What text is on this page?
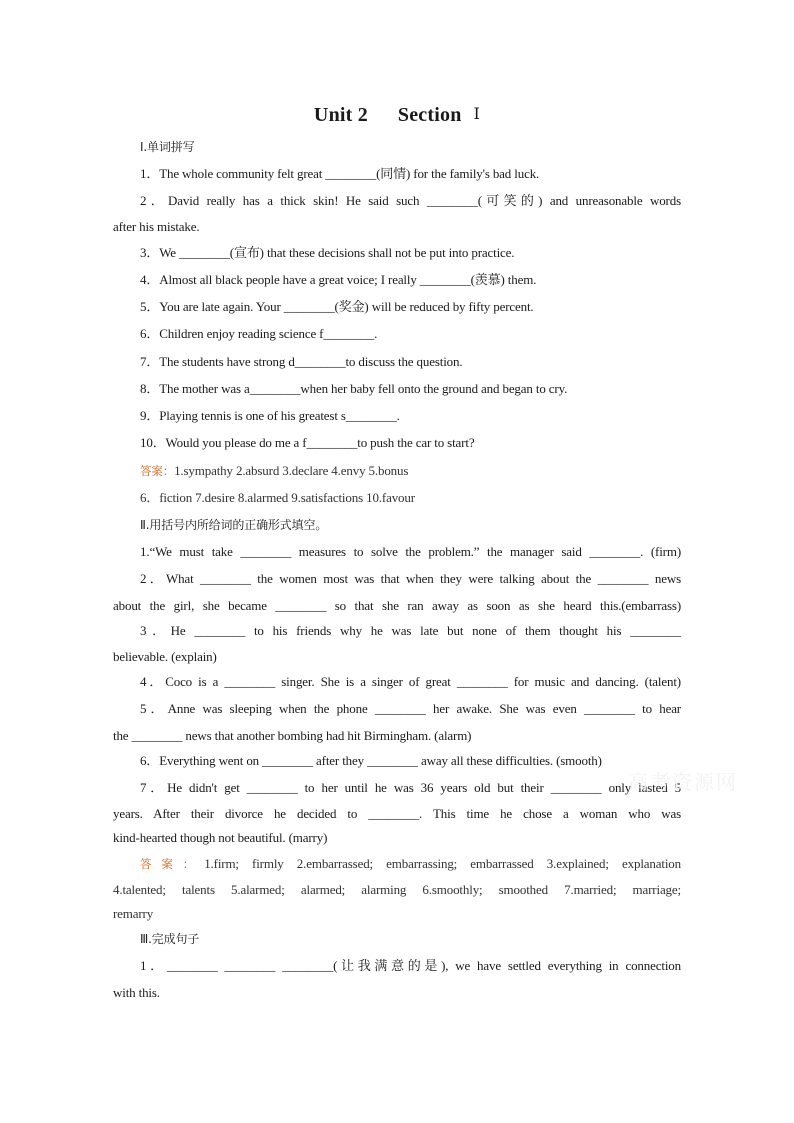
Unit 2 Section Ⅰ
Ⅰ.单词拼写
1．The whole community felt great ________(同情) for the family's bad luck.
2．David really has a thick skin! He said such ________(可笑的) and unreasonable words
after his mistake.
3．We ________(宣布) that these decisions shall not be put into practice.
4．Almost all black people have a great voice; I really ________(羡慕) them.
5．You are late again. Your ________(奖金) will be reduced by fifty percent.
6．Children enjoy reading science f________.
7．The students have strong d________to discuss the question.
8．The mother was a________when her baby fell onto the ground and began to cry.
9．Playing tennis is one of his greatest s________.
10．Would you please do me a f________to push the car to start?
答案：1.sympathy 2.absurd 3.declare 4.envy 5.bonus
6．fiction 7.desire 8.alarmed 9.satisfactions 10.favour
Ⅱ.用括号内所给词的正确形式填空。
1.“We must take ________ measures to solve the problem.” the manager said ________. (firm)
2．What ________ the women most was that when they were talking about the ________ news
about the girl, she became ________ so that she ran away as soon as she heard this.(embarrass)
3．He ________ to his friends why he was late but none of them thought his ________
believable. (explain)
4．Coco is a ________ singer. She is a singer of great ________ for music and dancing. (talent)
5．Anne was sleeping when the phone ________ her awake. She was even ________ to hear
the ________ news that another bombing had hit Birmingham. (alarm)
6．Everything went on ________ after they ________ away all these difficulties. (smooth)
7．He didn't get ________ to her until he was 36 years old but their ________ only lasted 5
years. After their divorce he decided to ________. This time he chose a woman who was
kind-hearted though not beautiful. (marry)
答案：1.firm; firmly 2.embarrassed; embarrassing; embarrassed 3.explained; explanation
4.talented; talents 5.alarmed; alarmed; alarming 6.smoothly; smoothed 7.married; marriage;
remarry
Ⅲ.完成句子
1．________ ________ ________(让我满意的是), we have settled everything in connection
with this.
高考资源网
